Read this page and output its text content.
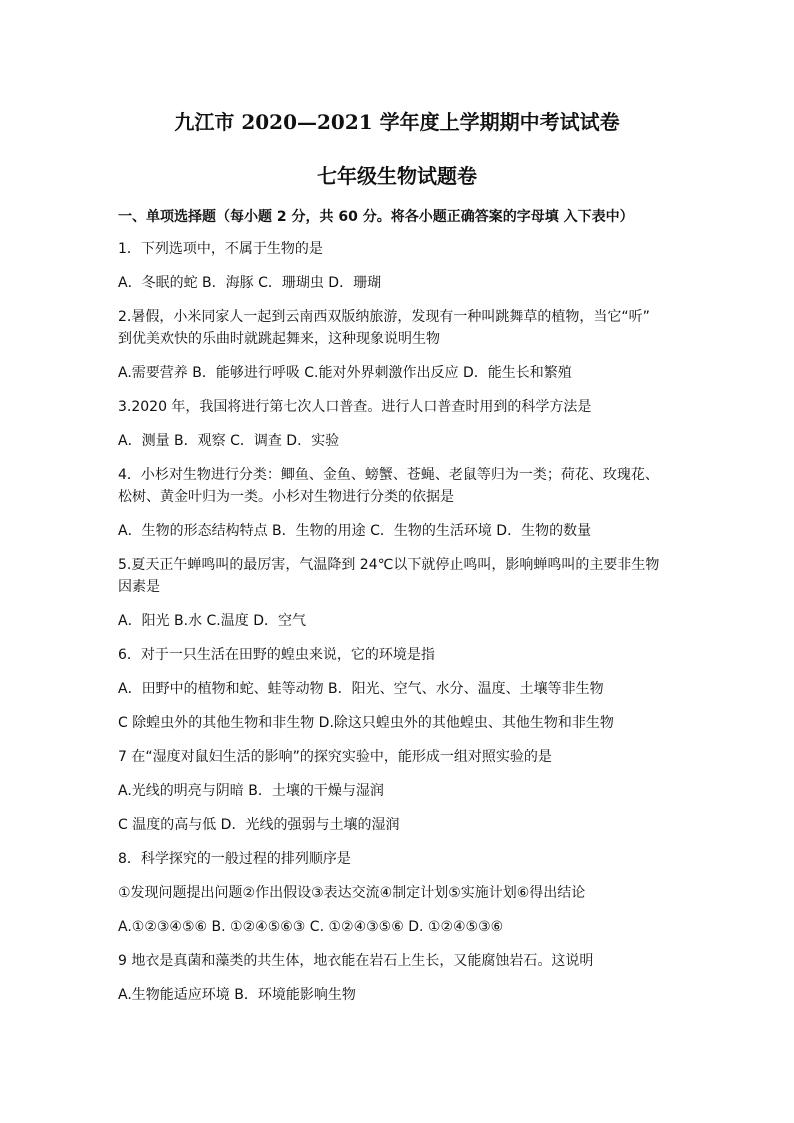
九江市 2020—2021 学年度上学期期中考试试卷
七年级生物试题卷
一、单项选择题（每小题 2 分，共 60 分。将各小题正确答案的字母填 入下表中）
1．下列选项中，不属于生物的是
A．冬眠的蛇 B．海豚 C．珊瑚虫 D．珊瑚
2.暑假，小米同家人一起到云南西双版纳旅游，发现有一种叫跳舞草的植物，当它“听”
到优美欢快的乐曲时就跳起舞来，这种现象说明生物
A.需要营养 B．能够进行呼吸 C.能对外界刺激作出反应 D．能生长和繁殖
3.2020 年，我国将进行第七次人口普查。进行人口普查时用到的科学方法是
A．测量 B．观察 C．调查 D．实验
4．小杉对生物进行分类：鲫鱼、金鱼、螃蟹、苍蝇、老鼠等归为一类；荷花、玫瑰花、
松树、黄金叶归为一类。小杉对生物进行分类的依据是
A．生物的形态结构特点 B．生物的用途 C．生物的生活环境 D．生物的数量
5.夏天正午蝉鸣叫的最厉害，气温降到 24℃以下就停止鸣叫，影响蝉鸣叫的主要非生物
因素是
A．阳光 B.水 C.温度 D．空气
6．对于一只生活在田野的蝗虫来说，它的环境是指
A．田野中的植物和蛇、蛙等动物 B．阳光、空气、水分、温度、土壤等非生物
C 除蝗虫外的其他生物和非生物 D.除这只蝗虫外的其他蝗虫、其他生物和非生物
7 在“湿度对鼠妇生活的影响”的探究实验中，能形成一组对照实验的是
A.光线的明亮与阴暗 B．土壤的干燥与湿润
C 温度的高与低 D．光线的强弱与土壤的湿润
8．科学探究的一般过程的排列顺序是
①发现问题提出问题②作出假设③表达交流④制定计划⑤实施计划⑥得出结论
A.①②③④⑤⑥ B. ①②④⑤⑥③ C. ①②④③⑤⑥ D. ①②④⑤③⑥
9 地衣是真菌和藻类的共生体，地衣能在岩石上生长，又能腐蚀岩石。这说明
A.生物能适应环境 B．环境能影响生物
